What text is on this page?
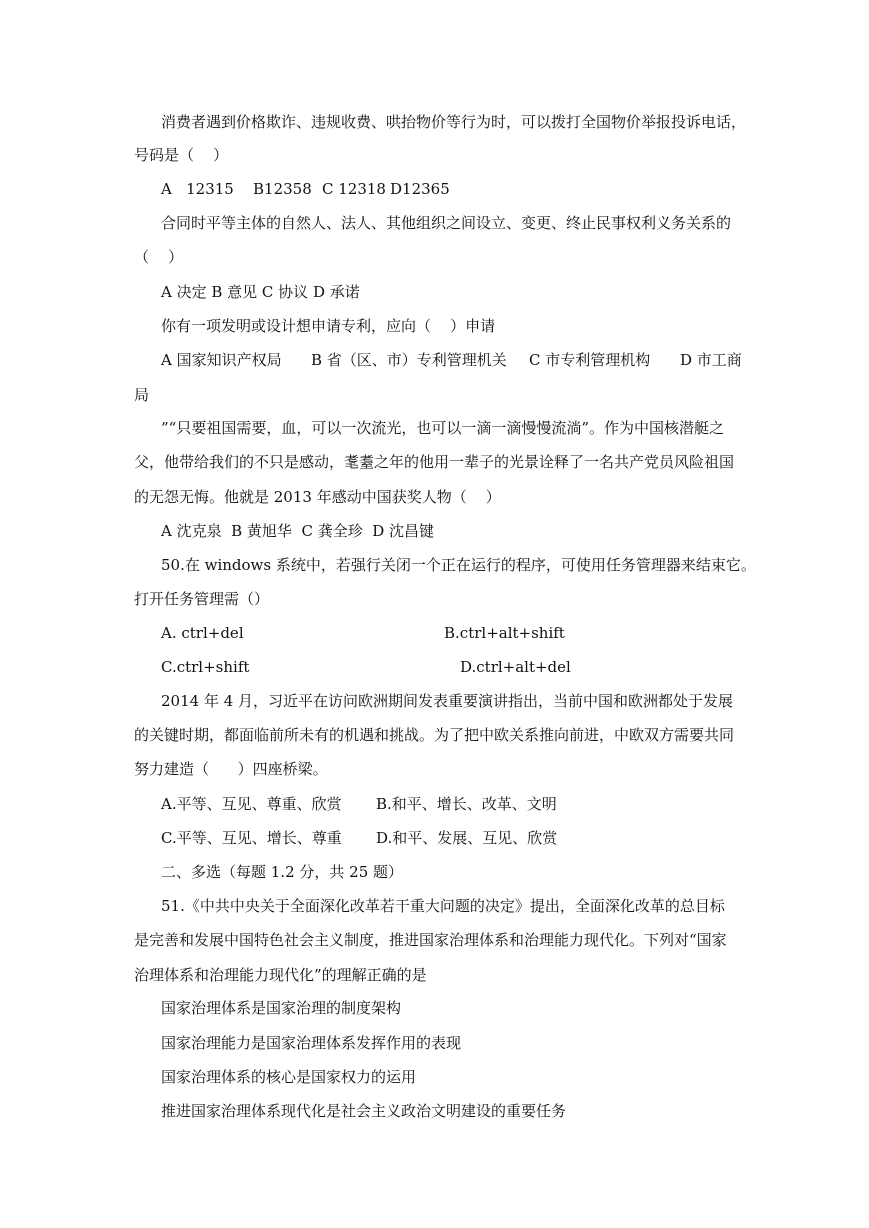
消费者遇到价格欺诈、违规收费、哄抬物价等行为时，可以拨打全国物价举报投诉电话，
号码是（    ）
A   12315 B12358 C 12318 D12365
合同时平等主体的自然人、法人、其他组织之间设立、变更、终止民事权利义务关系的
（    ）
A 决定 B 意见 C 协议 D 承诺
你有一项发明或设计想申请专利，应向（    ）申请
A 国家知识产权局 B 省（区、市）专利管理机关 C 市专利管理机构 D 市工商
局
”“只要祖国需要，血，可以一次流光，也可以一滴一滴慢慢流淌”。作为中国核潜艇之
父，他带给我们的不只是感动，耄耋之年的他用一辈子的光景诠释了一名共产党员风险祖国
的无怨无悔。他就是 2013 年感动中国获奖人物（    ）
A 沈克泉  B 黄旭华  C 龚全珍  D 沈昌键
50.在 windows 系统中，若强行关闭一个正在运行的程序，可使用任务管理器来结束它。
打开任务管理需（）
A. ctrl+del	B.ctrl+alt+shift
C.ctrl+shift	D.ctrl+alt+del
2014 年 4 月，习近平在访问欧洲期间发表重要演讲指出，当前中国和欧洲都处于发展
的关键时期，都面临前所未有的机遇和挑战。为了把中欧关系推向前进，中欧双方需要共同
努力建造（      ）四座桥梁。
A.平等、互见、尊重、欣赏 B.和平、增长、改革、文明
C.平等、互见、增长、尊重 D.和平、发展、互见、欣赏
二、多选（每题 1.2 分，共 25 题）
51.《中共中央关于全面深化改革若干重大问题的决定》提出，全面深化改革的总目标
是完善和发展中国特色社会主义制度，推进国家治理体系和治理能力现代化。下列对“国家
治理体系和治理能力现代化”的理解正确的是
国家治理体系是国家治理的制度架构
国家治理能力是国家治理体系发挥作用的表现
国家治理体系的核心是国家权力的运用
推进国家治理体系现代化是社会主义政治文明建设的重要任务
